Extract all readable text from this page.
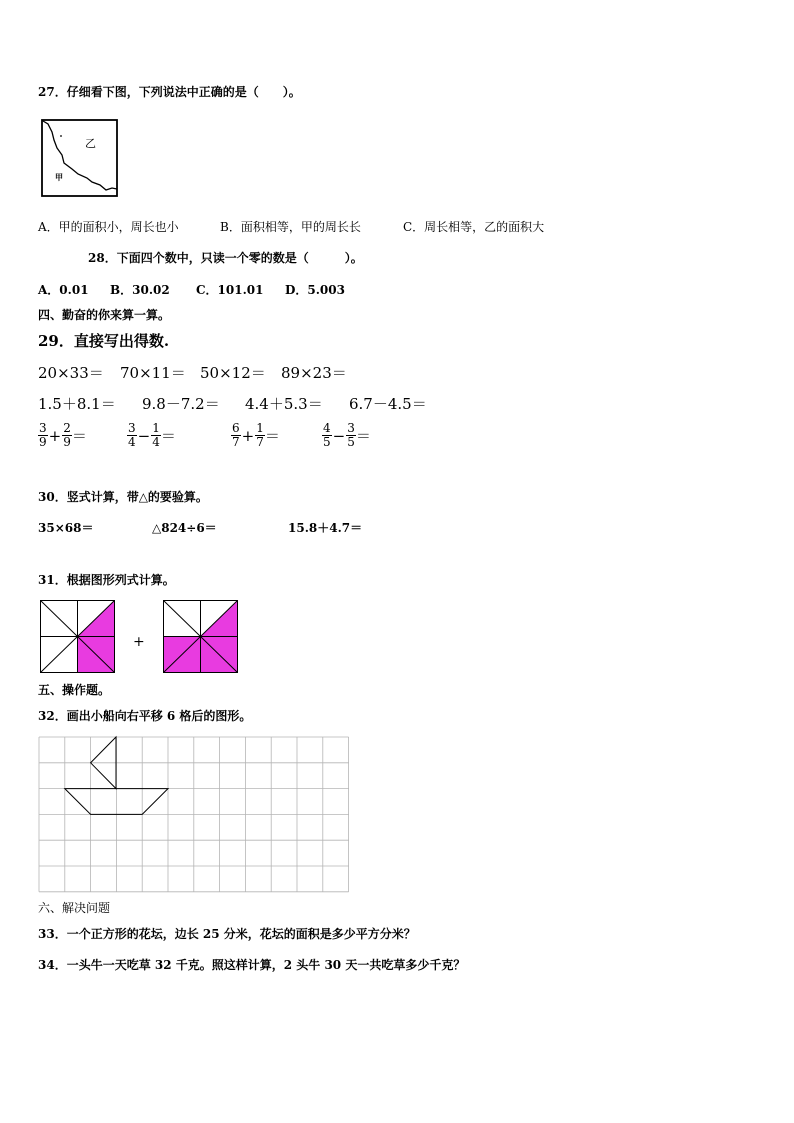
27．仔细看下图，下列说法中正确的是（　　）。
乙
甲
A．甲的面积小，周长也小	B．面积相等，甲的周长长	C．周长相等，乙的面积大
28．下面四个数中，只读一个零的数是（　　　）。
A．0.01 B．30.02 C．101.01 D．5.003
四、勤奋的你来算一算。
29．直接写出得数.
20×33＝ 70×11＝ 50×12＝ 89×23＝
1.5＋8.1＝ 9.8－7.2＝ 4.4＋5.3＝ 6.7－4.5＝
$\frac{3}{9} + \frac{2}{9}$ ＝	$\frac{3}{4} - \frac{1}{4}$ ＝	$\frac{6}{7} + \frac{1}{7}$ ＝	$\frac{4}{5} - \frac{3}{5}$ ＝
30．竖式计算，带△的要验算。
35×68＝	△824÷6＝	15.8＋4.7＝
31．根据图形列式计算。
+
五、操作题。
32．画出小船向右平移 6 格后的图形。
六、解决问题
33．一个正方形的花坛，边长 25 分米，花坛的面积是多少平方分米？
34．一头牛一天吃草 32 千克。照这样计算，2 头牛 30 天一共吃草多少千克？
